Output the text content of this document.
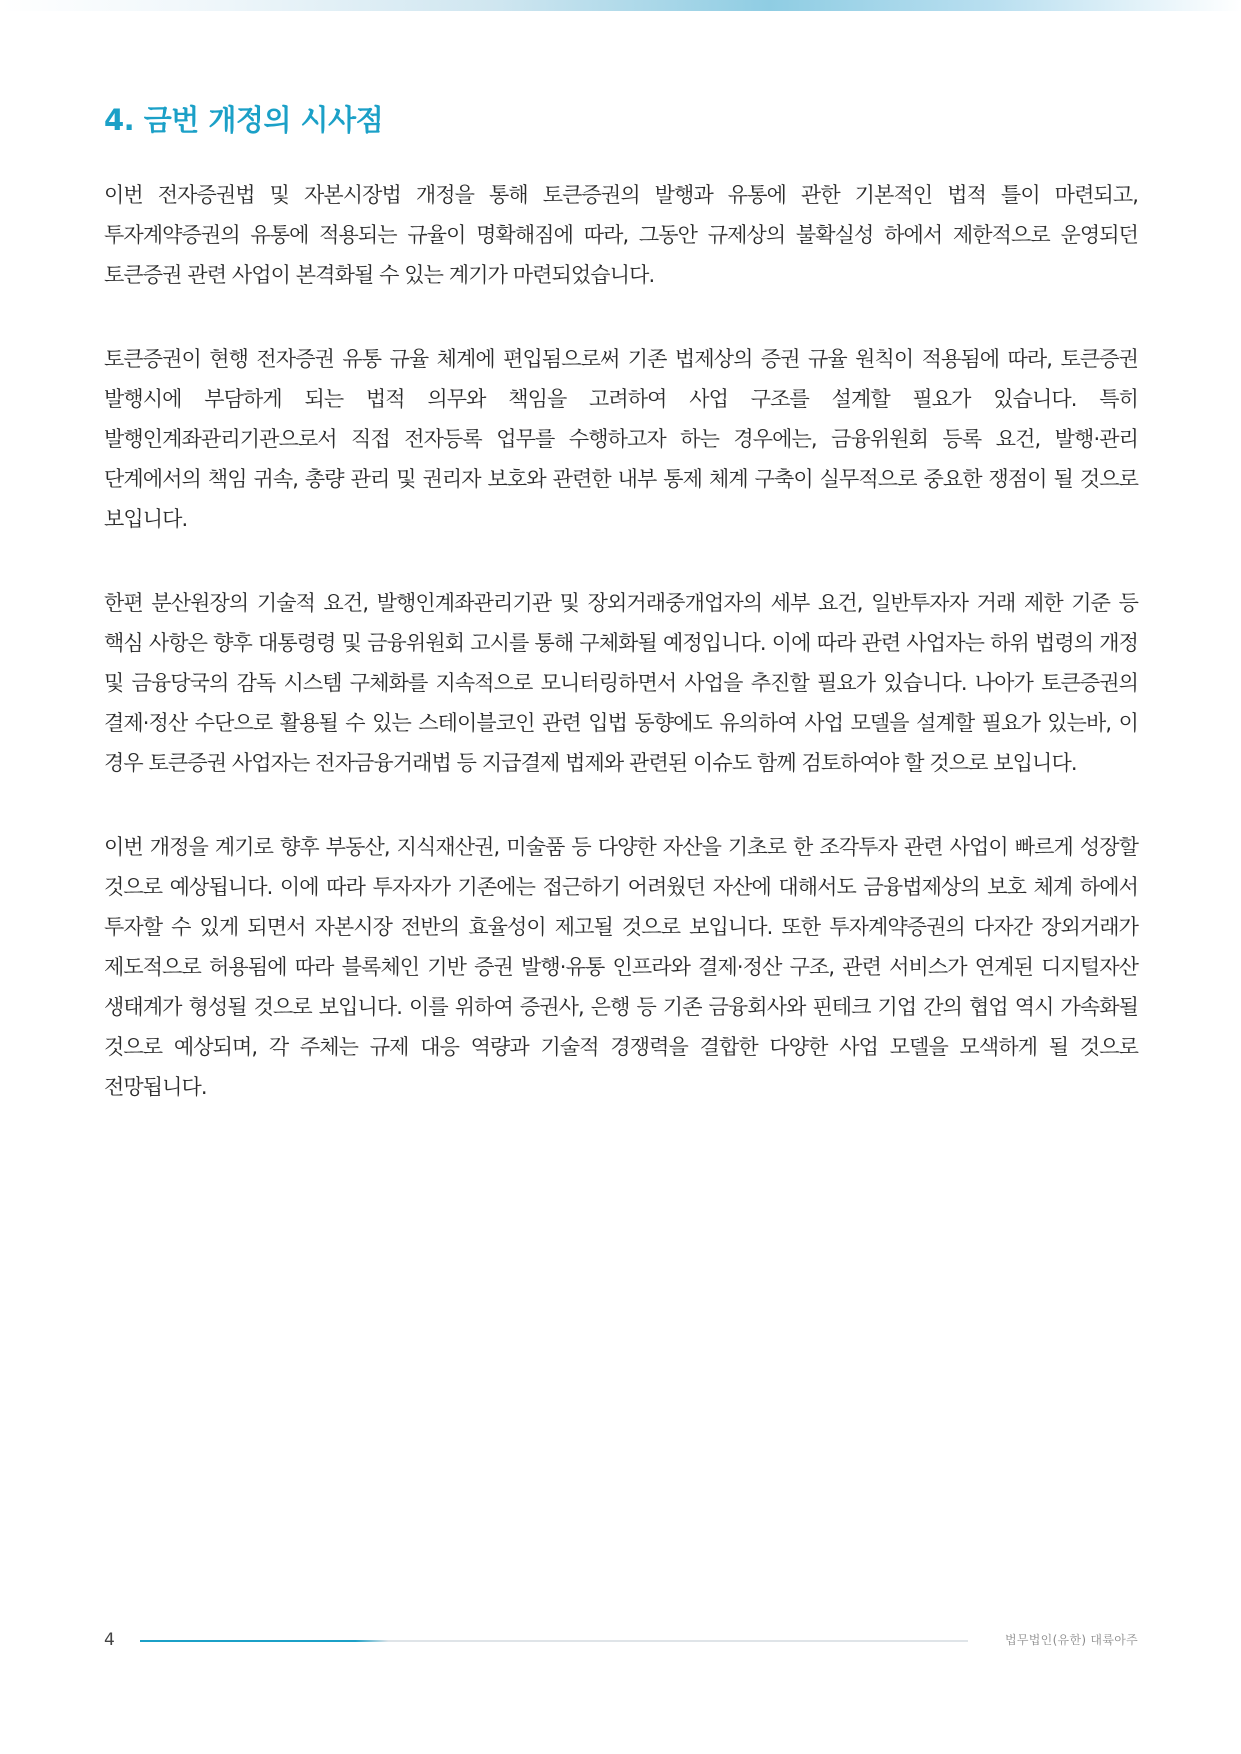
4. 금번 개정의 시사점

이번 전자증권법 및 자본시장법 개정을 통해 토큰증권의 발행과 유통에 관한 기본적인 법적 틀이 마련되고, 투자계약증권의 유통에 적용되는 규율이 명확해짐에 따라, 그동안 규제상의 불확실성 하에서 제한적으로 운영되던 토큰증권 관련 사업이 본격화될 수 있는 계기가 마련되었습니다.

토큰증권이 현행 전자증권 유통 규율 체계에 편입됨으로써 기존 법제상의 증권 규율 원칙이 적용됨에 따라, 토큰증권 발행시에 부담하게 되는 법적 의무와 책임을 고려하여 사업 구조를 설계할 필요가 있습니다. 특히 발행인계좌관리기관으로서 직접 전자등록 업무를 수행하고자 하는 경우에는, 금융위원회 등록 요건, 발행·관리 단계에서의 책임 귀속, 총량 관리 및 권리자 보호와 관련한 내부 통제 체계 구축이 실무적으로 중요한 쟁점이 될 것으로 보입니다.

한편 분산원장의 기술적 요건, 발행인계좌관리기관 및 장외거래중개업자의 세부 요건, 일반투자자 거래 제한 기준 등 핵심 사항은 향후 대통령령 및 금융위원회 고시를 통해 구체화될 예정입니다. 이에 따라 관련 사업자는 하위 법령의 개정 및 금융당국의 감독 시스템 구체화를 지속적으로 모니터링하면서 사업을 추진할 필요가 있습니다. 나아가 토큰증권의 결제·정산 수단으로 활용될 수 있는 스테이블코인 관련 입법 동향에도 유의하여 사업 모델을 설계할 필요가 있는바, 이 경우 토큰증권 사업자는 전자금융거래법 등 지급결제 법제와 관련된 이슈도 함께 검토하여야 할 것으로 보입니다.

이번 개정을 계기로 향후 부동산, 지식재산권, 미술품 등 다양한 자산을 기초로 한 조각투자 관련 사업이 빠르게 성장할 것으로 예상됩니다. 이에 따라 투자자가 기존에는 접근하기 어려웠던 자산에 대해서도 금융법제상의 보호 체계 하에서 투자할 수 있게 되면서 자본시장 전반의 효율성이 제고될 것으로 보입니다. 또한 투자계약증권의 다자간 장외거래가 제도적으로 허용됨에 따라 블록체인 기반 증권 발행·유통 인프라와 결제·정산 구조, 관련 서비스가 연계된 디지털자산 생태계가 형성될 것으로 보입니다. 이를 위하여 증권사, 은행 등 기존 금융회사와 핀테크 기업 간의 협업 역시 가속화될 것으로 예상되며, 각 주체는 규제 대응 역량과 기술적 경쟁력을 결합한 다양한 사업 모델을 모색하게 될 것으로 전망됩니다.

4	법무법인(유한) 대륙아주
